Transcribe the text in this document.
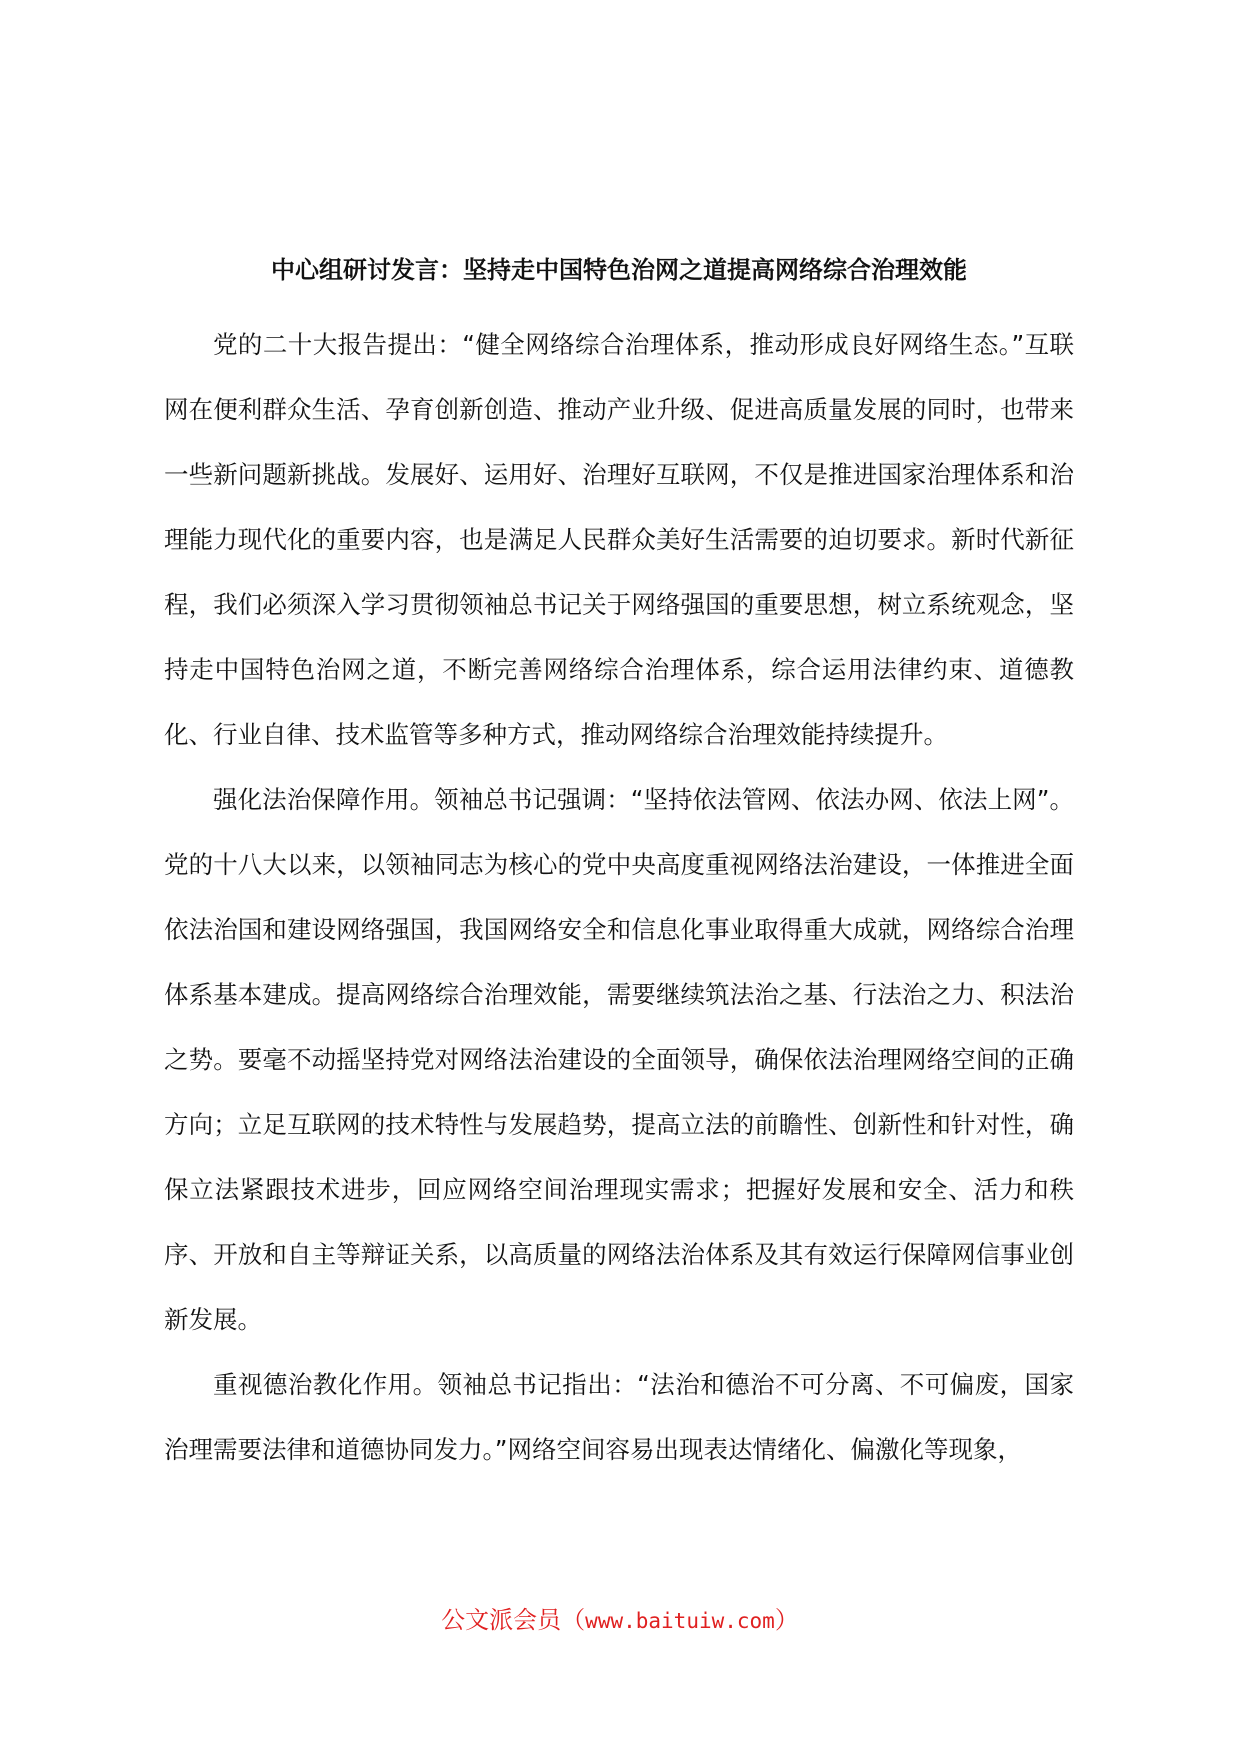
中心组研讨发言：坚持走中国特色治网之道提高网络综合治理效能

党的二十大报告提出：“健全网络综合治理体系，推动形成良好网络生态。”互联网在便利群众生活、孕育创新创造、推动产业升级、促进高质量发展的同时，也带来一些新问题新挑战。发展好、运用好、治理好互联网，不仅是推进国家治理体系和治理能力现代化的重要内容，也是满足人民群众美好生活需要的迫切要求。新时代新征程，我们必须深入学习贯彻领袖总书记关于网络强国的重要思想，树立系统观念，坚持走中国特色治网之道，不断完善网络综合治理体系，综合运用法律约束、道德教化、行业自律、技术监管等多种方式，推动网络综合治理效能持续提升。

强化法治保障作用。领袖总书记强调：“坚持依法管网、依法办网、依法上网”。党的十八大以来，以领袖同志为核心的党中央高度重视网络法治建设，一体推进全面依法治国和建设网络强国，我国网络安全和信息化事业取得重大成就，网络综合治理体系基本建成。提高网络综合治理效能，需要继续筑法治之基、行法治之力、积法治之势。要毫不动摇坚持党对网络法治建设的全面领导，确保依法治理网络空间的正确方向；立足互联网的技术特性与发展趋势，提高立法的前瞻性、创新性和针对性，确保立法紧跟技术进步，回应网络空间治理现实需求；把握好发展和安全、活力和秩序、开放和自主等辩证关系，以高质量的网络法治体系及其有效运行保障网信事业创新发展。

重视德治教化作用。领袖总书记指出：“法治和德治不可分离、不可偏废，国家治理需要法律和道德协同发力。”网络空间容易出现表达情绪化、偏激化等现象，

公文派会员（www.baituiw.com）
